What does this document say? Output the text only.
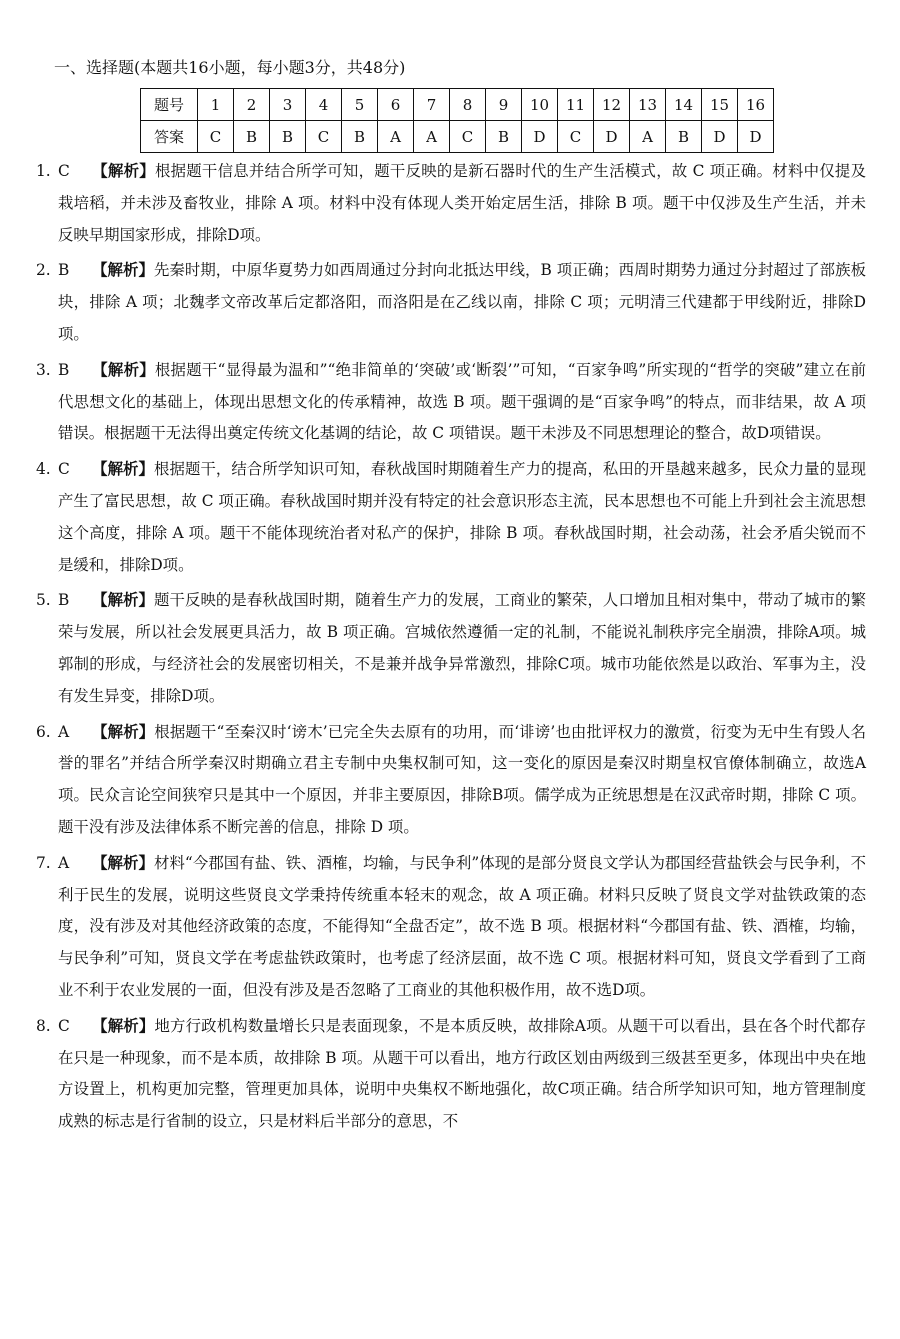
一、选择题(本题共16小题，每小题3分，共48分)
题号	1	2	3	4	5	6	7	8	9	10	11	12	13	14	15	16
答案	C	B	B	C	B	A	A	C	B	D	C	D	A	B	D	D

1. C 【解析】根据题干信息并结合所学可知，题干反映的是新石器时代的生产生活模式，故 C 项正确。材料中仅提及栽培稻，并未涉及畜牧业，排除 A 项。材料中没有体现人类开始定居生活，排除 B 项。题干中仅涉及生产生活，并未反映早期国家形成，排除D项。

2. B 【解析】先秦时期，中原华夏势力如西周通过分封向北抵达甲线，B 项正确；西周时期势力通过分封超过了部族板块，排除 A 项；北魏孝文帝改革后定都洛阳，而洛阳是在乙线以南，排除 C 项；元明清三代建都于甲线附近，排除D项。

3. B 【解析】根据题干“显得最为温和”“绝非简单的‘突破’或‘断裂’”可知，“百家争鸣”所实现的“哲学的突破”建立在前代思想文化的基础上，体现出思想文化的传承精神，故选 B 项。题干强调的是“百家争鸣”的特点，而非结果，故 A 项错误。根据题干无法得出奠定传统文化基调的结论，故 C 项错误。题干未涉及不同思想理论的整合，故D项错误。

4. C 【解析】根据题干，结合所学知识可知，春秋战国时期随着生产力的提高，私田的开垦越来越多，民众力量的显现产生了富民思想，故 C 项正确。春秋战国时期并没有特定的社会意识形态主流，民本思想也不可能上升到社会主流思想这个高度，排除 A 项。题干不能体现统治者对私产的保护，排除 B 项。春秋战国时期，社会动荡，社会矛盾尖锐而不是缓和，排除D项。

5. B 【解析】题干反映的是春秋战国时期，随着生产力的发展，工商业的繁荣，人口增加且相对集中，带动了城市的繁荣与发展，所以社会发展更具活力，故 B 项正确。宫城依然遵循一定的礼制，不能说礼制秩序完全崩溃，排除A项。城郭制的形成，与经济社会的发展密切相关，不是兼并战争异常激烈，排除C项。城市功能依然是以政治、军事为主，没有发生异变，排除D项。

6. A 【解析】根据题干“至秦汉时‘谤木’已完全失去原有的功用，而‘诽谤’也由批评权力的激赏，衍变为无中生有毁人名誉的罪名”并结合所学秦汉时期确立君主专制中央集权制可知，这一变化的原因是秦汉时期皇权官僚体制确立，故选A项。民众言论空间狭窄只是其中一个原因，并非主要原因，排除B项。儒学成为正统思想是在汉武帝时期，排除 C 项。题干没有涉及法律体系不断完善的信息，排除 D 项。

7. A 【解析】材料“今郡国有盐、铁、酒榷，均输，与民争利”体现的是部分贤良文学认为郡国经营盐铁会与民争利，不利于民生的发展，说明这些贤良文学秉持传统重本轻末的观念，故 A 项正确。材料只反映了贤良文学对盐铁政策的态度，没有涉及对其他经济政策的态度，不能得知“全盘否定”，故不选 B 项。根据材料“今郡国有盐、铁、酒榷，均输，与民争利”可知，贤良文学在考虑盐铁政策时，也考虑了经济层面，故不选 C 项。根据材料可知，贤良文学看到了工商业不利于农业发展的一面，但没有涉及是否忽略了工商业的其他积极作用，故不选D项。

8. C 【解析】地方行政机构数量增长只是表面现象，不是本质反映，故排除A项。从题干可以看出，县在各个时代都存在只是一种现象，而不是本质，故排除 B 项。从题干可以看出，地方行政区划由两级到三级甚至更多，体现出中央在地方设置上，机构更加完整，管理更加具体，说明中央集权不断地强化，故C项正确。结合所学知识可知，地方管理制度成熟的标志是行省制的设立，只是材料后半部分的意思，不
